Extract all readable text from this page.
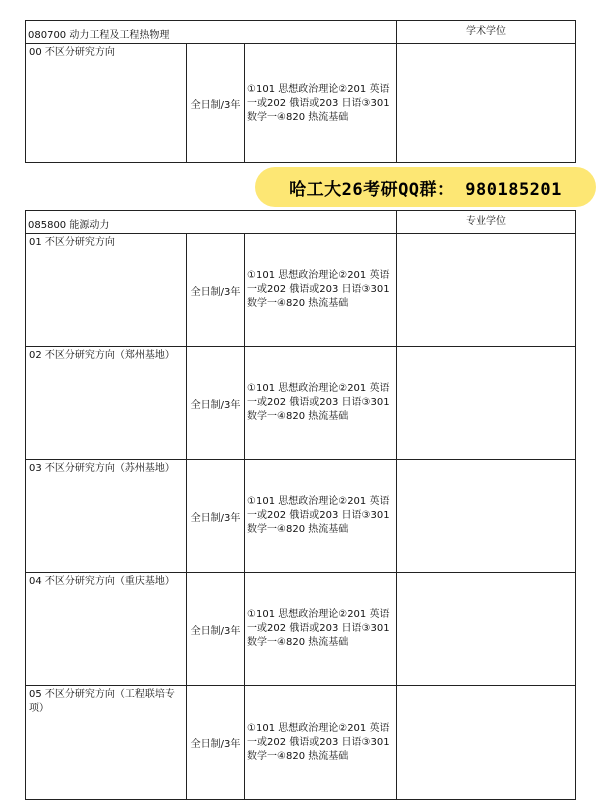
080700 动力工程及工程热物理	学术学位
00 不区分研究方向
全日制/3年
①101 思想政治理论②201 英语一或202 俄语或203 日语③301 数学一④820 热流基础
哈工大26考研QQ群： 980185201
085800 能源动力	专业学位
01 不区分研究方向
全日制/3年
①101 思想政治理论②201 英语一或202 俄语或203 日语③301 数学一④820 热流基础
02 不区分研究方向（郑州基地）
全日制/3年
①101 思想政治理论②201 英语一或202 俄语或203 日语③301 数学一④820 热流基础
03 不区分研究方向（苏州基地）
全日制/3年
①101 思想政治理论②201 英语一或202 俄语或203 日语③301 数学一④820 热流基础
04 不区分研究方向（重庆基地）
全日制/3年
①101 思想政治理论②201 英语一或202 俄语或203 日语③301 数学一④820 热流基础
05 不区分研究方向（工程联培专项）
全日制/3年
①101 思想政治理论②201 英语一或202 俄语或203 日语③301 数学一④820 热流基础
